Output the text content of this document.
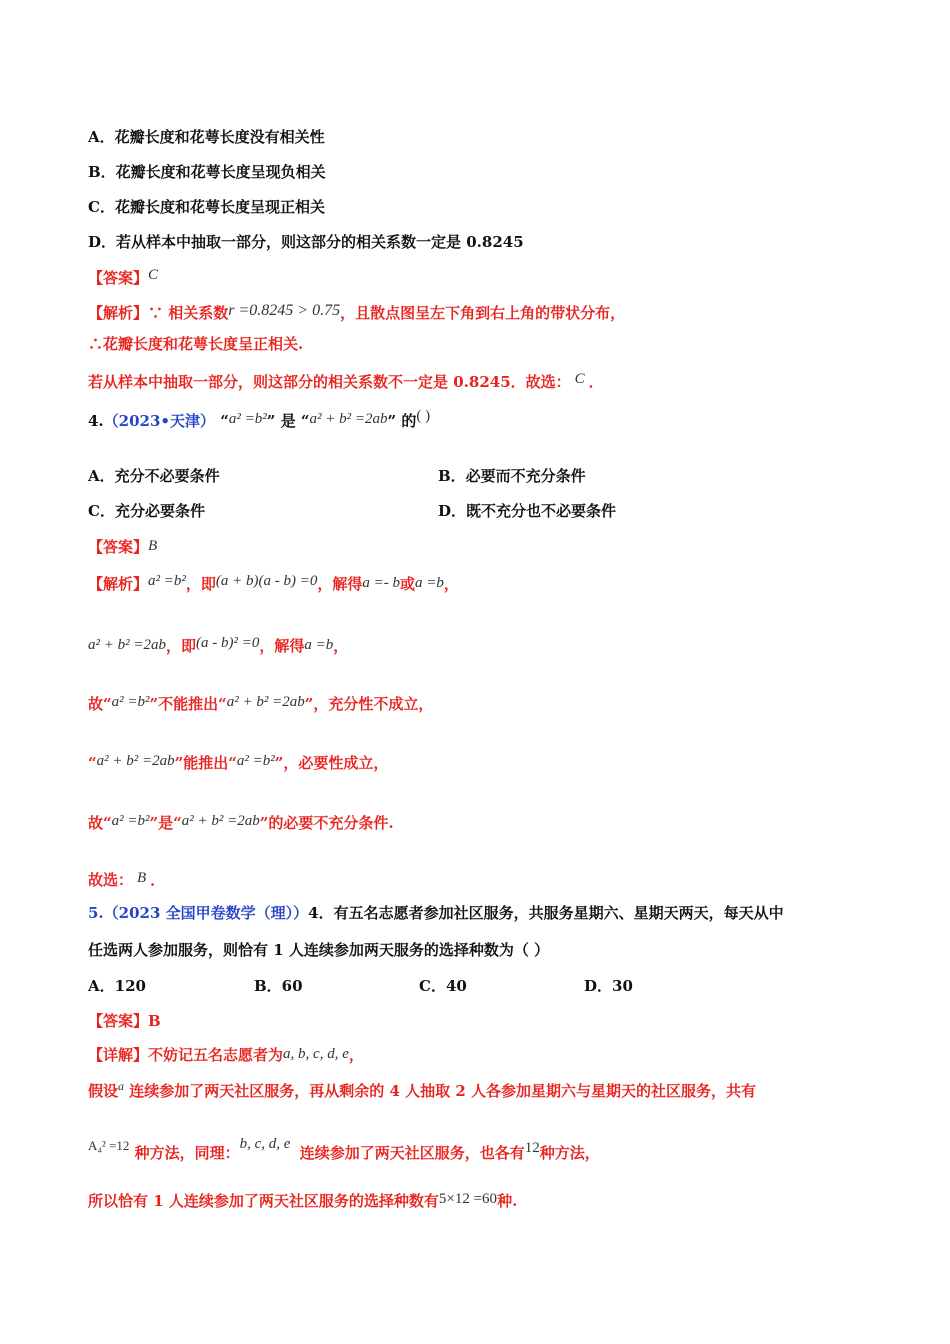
A．花瓣长度和花萼长度没有相关性
B．花瓣长度和花萼长度呈现负相关
C．花瓣长度和花萼长度呈现正相关
D．若从样本中抽取一部分，则这部分的相关系数一定是 0.8245
【答案】C
【解析】∵ 相关系数r =0.8245 > 0.75，且散点图呈左下角到右上角的带状分布，
∴花瓣长度和花萼长度呈正相关.
若从样本中抽取一部分，则这部分的相关系数不一定是 0.8245．故选： C ．
4.（2023•天津） “a² =b²” 是 “a² + b² =2ab” 的( )
A．充分不必要条件	B．必要而不充分条件
C．充分必要条件	D．既不充分也不必要条件
【答案】B
【解析】a² =b²，即(a + b)(a - b) =0，解得a =- b或a =b，
a² + b² =2ab，即(a - b)² =0，解得a =b，
故“a² =b²”不能推出“a² + b² =2ab”，充分性不成立，
“a² + b² =2ab”能推出“a² =b²”，必要性成立，
故“a² =b²”是“a² + b² =2ab”的必要不充分条件.
故选： B ．
5.（2023 全国甲卷数学（理））4．有五名志愿者参加社区服务，共服务星期六、星期天两天，每天从中
任选两人参加服务，则恰有 1 人连续参加两天服务的选择种数为（ ）
A．120	B．60	C．40	D．30
【答案】B
【详解】不妨记五名志愿者为a, b, c, d, e，
假设$^a$ 连续参加了两天社区服务，再从剩余的 4 人抽取 2 人各参加星期六与星期天的社区服务，共有
A₄² =12 种方法，同理：b, c, d, e 连续参加了两天社区服务，也各有12种方法，
所以恰有 1 人连续参加了两天社区服务的选择种数有5×12 =60种.
